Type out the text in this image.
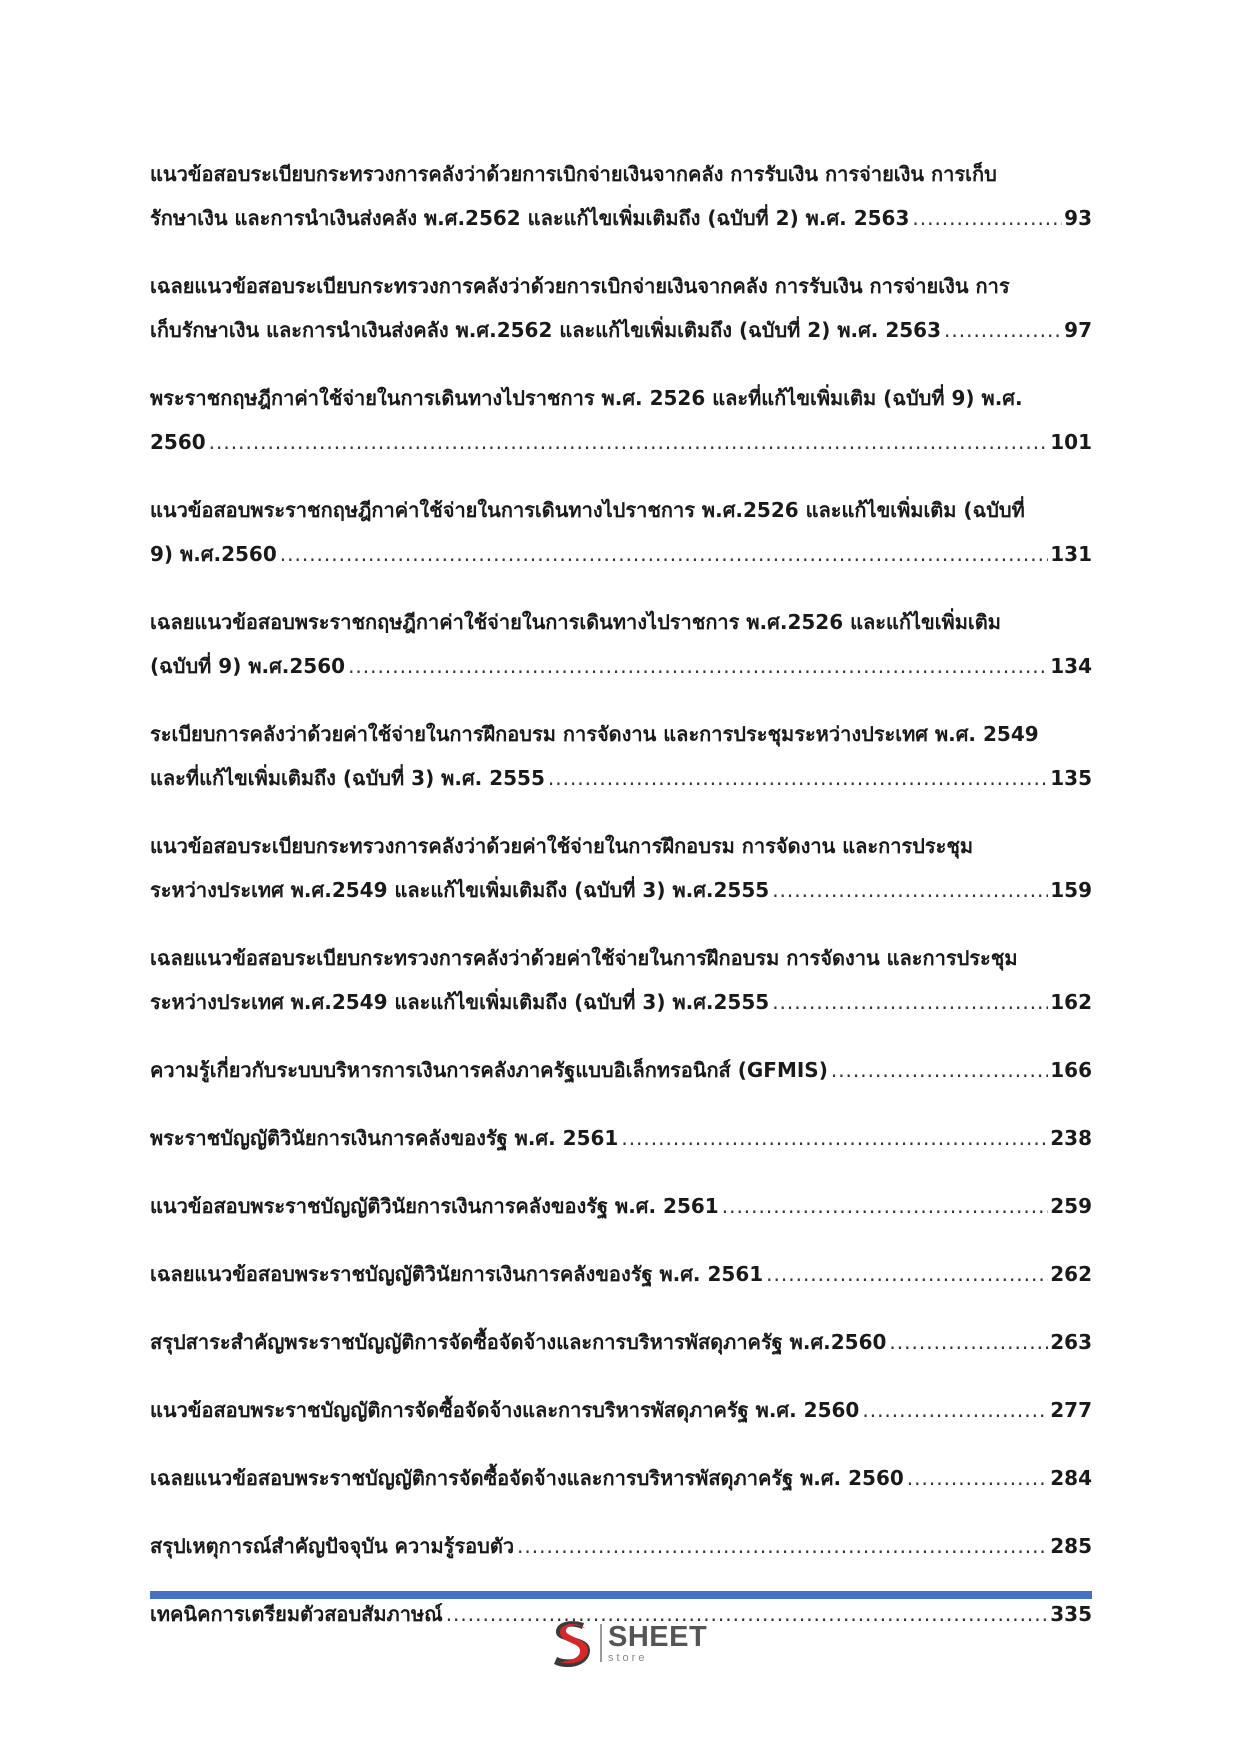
แนวข้อสอบระเบียบกระทรวงการคลังว่าด้วยการเบิกจ่ายเงินจากคลัง การรับเงิน การจ่ายเงิน การเก็บ
รักษาเงิน และการนำเงินส่งคลัง พ.ศ.2562 และแก้ไขเพิ่มเติมถึง (ฉบับที่ 2) พ.ศ. 2563 .....	93
เฉลยแนวข้อสอบระเบียบกระทรวงการคลังว่าด้วยการเบิกจ่ายเงินจากคลัง การรับเงิน การจ่ายเงิน การ
เก็บรักษาเงิน และการนำเงินส่งคลัง พ.ศ.2562 และแก้ไขเพิ่มเติมถึง (ฉบับที่ 2) พ.ศ. 2563 .....	97
พระราชกฤษฎีกาค่าใช้จ่ายในการเดินทางไปราชการ พ.ศ. 2526 และที่แก้ไขเพิ่มเติม (ฉบับที่ 9) พ.ศ.
2560 .....	101
แนวข้อสอบพระราชกฤษฎีกาค่าใช้จ่ายในการเดินทางไปราชการ พ.ศ.2526 และแก้ไขเพิ่มเติม (ฉบับที่
9) พ.ศ.2560 .....	131
เฉลยแนวข้อสอบพระราชกฤษฎีกาค่าใช้จ่ายในการเดินทางไปราชการ พ.ศ.2526 และแก้ไขเพิ่มเติม
(ฉบับที่ 9) พ.ศ.2560 .....	134
ระเบียบการคลังว่าด้วยค่าใช้จ่ายในการฝึกอบรม การจัดงาน และการประชุมระหว่างประเทศ พ.ศ. 2549
และที่แก้ไขเพิ่มเติมถึง (ฉบับที่ 3) พ.ศ. 2555 .....	135
แนวข้อสอบระเบียบกระทรวงการคลังว่าด้วยค่าใช้จ่ายในการฝึกอบรม การจัดงาน และการประชุม
ระหว่างประเทศ พ.ศ.2549 และแก้ไขเพิ่มเติมถึง (ฉบับที่ 3) พ.ศ.2555 .....	159
เฉลยแนวข้อสอบระเบียบกระทรวงการคลังว่าด้วยค่าใช้จ่ายในการฝึกอบรม การจัดงาน และการประชุม
ระหว่างประเทศ พ.ศ.2549 และแก้ไขเพิ่มเติมถึง (ฉบับที่ 3) พ.ศ.2555 .....	162
ความรู้เกี่ยวกับระบบบริหารการเงินการคลังภาครัฐแบบอิเล็กทรอนิกส์ (GFMIS) .....	166
พระราชบัญญัติวินัยการเงินการคลังของรัฐ พ.ศ. 2561 .....	238
แนวข้อสอบพระราชบัญญัติวินัยการเงินการคลังของรัฐ พ.ศ. 2561 .....	259
เฉลยแนวข้อสอบพระราชบัญญัติวินัยการเงินการคลังของรัฐ พ.ศ. 2561 .....	262
สรุปสาระสำคัญพระราชบัญญัติการจัดซื้อจัดจ้างและการบริหารพัสดุภาครัฐ พ.ศ.2560 .....	263
แนวข้อสอบพระราชบัญญัติการจัดซื้อจัดจ้างและการบริหารพัสดุภาครัฐ พ.ศ. 2560 .....	277
เฉลยแนวข้อสอบพระราชบัญญัติการจัดซื้อจัดจ้างและการบริหารพัสดุภาครัฐ พ.ศ. 2560 .....	284
สรุปเหตุการณ์สำคัญปัจจุบัน ความรู้รอบตัว .....	285
เทคนิคการเตรียมตัวสอบสัมภาษณ์ .....	335
SHEET
store
